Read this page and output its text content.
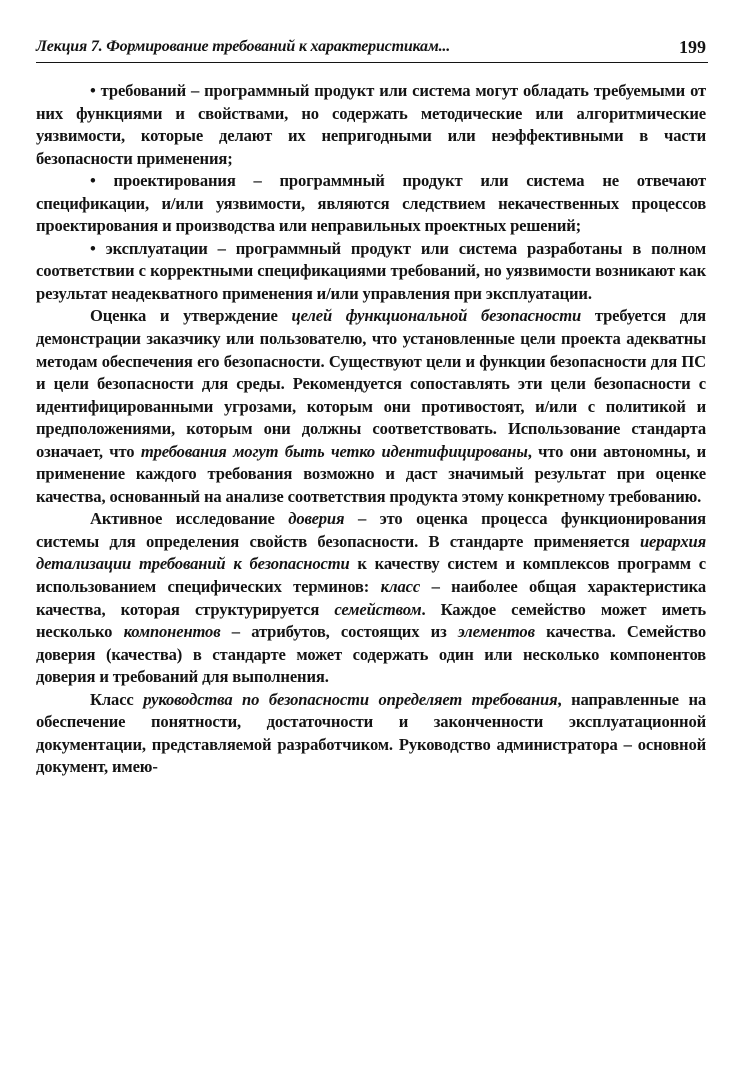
Лекция 7. Формирование требований к характеристикам...	199

• требований – программный продукт или система могут обладать требуемыми от них функциями и свойствами, но содержать методические или алгоритмические уязвимости, которые делают их непригодными или неэффективными в части безопасности применения;

• проектирования – программный продукт или система не отвечают спецификации, и/или уязвимости, являются следствием некачественных процессов проектирования и производства или неправильных проектных решений;

• эксплуатации – программный продукт или система разработаны в полном соответствии с корректными спецификациями требований, но уязвимости возникают как результат неадекватного применения и/или управления при эксплуатации.

Оценка и утверждение целей функциональной безопасности требуется для демонстрации заказчику или пользователю, что установленные цели проекта адекватны методам обеспечения его безопасности. Существуют цели и функции безопасности для ПС и цели безопасности для среды. Рекомендуется сопоставлять эти цели безопасности с идентифицированными угрозами, которым они противостоят, и/или с политикой и предположениями, которым они должны соответствовать. Использование стандарта означает, что требования могут быть четко идентифицированы, что они автономны, и применение каждого требования возможно и даст значимый результат при оценке качества, основанный на анализе соответствия продукта этому конкретному требованию.

Активное исследование доверия – это оценка процесса функционирования системы для определения свойств безопасности. В стандарте применяется иерархия детализации требований к безопасности к качеству систем и комплексов программ с использованием специфических терминов: класс – наиболее общая характеристика качества, которая структурируется семейством. Каждое семейство может иметь несколько компонентов – атрибутов, состоящих из элементов качества. Семейство доверия (качества) в стандарте может содержать один или несколько компонентов доверия и требований для выполнения.

Класс руководства по безопасности определяет требования, направленные на обеспечение понятности, достаточности и законченности эксплуатационной документации, представляемой разработчиком. Руководство администратора – основной документ, имею-
